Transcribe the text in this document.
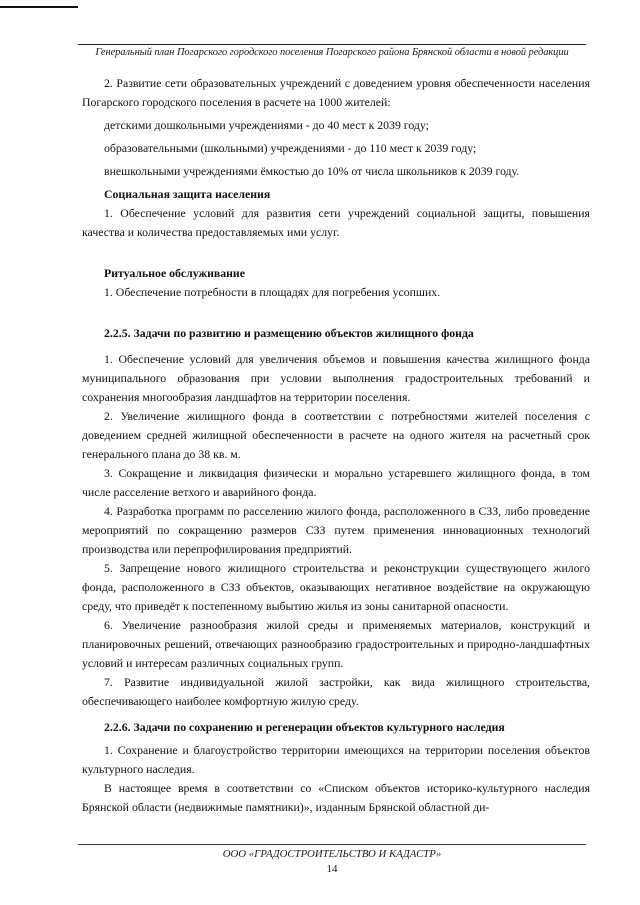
Генеральный план Погарского городского поселения Погарского района Брянской области в новой редакции

2. Развитие сети образовательных учреждений с доведением уровня обеспеченности населения Погарского городского поселения в расчете на 1000 жителей:

детскими дошкольными учреждениями - до 40 мест к 2039 году;

образовательными (школьными) учреждениями - до 110 мест к 2039 году;

внешкольными учреждениями ёмкостью до 10% от числа школьников к 2039 году.

Социальная защита населения

1. Обеспечение условий для развития сети учреждений социальной защиты, повышения качества и количества предоставляемых ими услуг.

Ритуальное обслуживание

1. Обеспечение потребности в площадях для погребения усопших.

2.2.5. Задачи по развитию и размещению объектов жилищного фонда

1. Обеспечение условий для увеличения объемов и повышения качества жилищного фонда муниципального образования при условии выполнения градостроительных требований и сохранения многообразия ландшафтов на территории поселения.

2. Увеличение жилищного фонда в соответствии с потребностями жителей поселения с доведением средней жилищной обеспеченности в расчете на одного жителя на расчетный срок генерального плана до 38 кв. м.

3. Сокращение и ликвидация физически и морально устаревшего жилищного фонда, в том числе расселение ветхого и аварийного фонда.

4. Разработка программ по расселению жилого фонда, расположенного в СЗЗ, либо проведение мероприятий по сокращению размеров СЗЗ путем применения инновационных технологий производства или перепрофилирования предприятий.

5. Запрещение нового жилищного строительства и реконструкции существующего жилого фонда, расположенного в СЗЗ объектов, оказывающих негативное воздействие на окружающую среду, что приведёт к постепенному выбытию жилья из зоны санитарной опасности.

6. Увеличение разнообразия жилой среды и применяемых материалов, конструкций и планировочных решений, отвечающих разнообразию градостроительных и природно-ландшафтных условий и интересам различных социальных групп.

7. Развитие индивидуальной жилой застройки, как вида жилищного строительства, обеспечивающего наиболее комфортную жилую среду.

2.2.6. Задачи по сохранению и регенерации объектов культурного наследия

1. Сохранение и благоустройство территории имеющихся на территории поселения объектов культурного наследия.

В настоящее время в соответствии со «Списком объектов историко-культурного наследия Брянской области (недвижимые памятники)», изданным Брянской областной ди-

ООО «ГРАДОСТРОИТЕЛЬСТВО И КАДАСТР»
14
